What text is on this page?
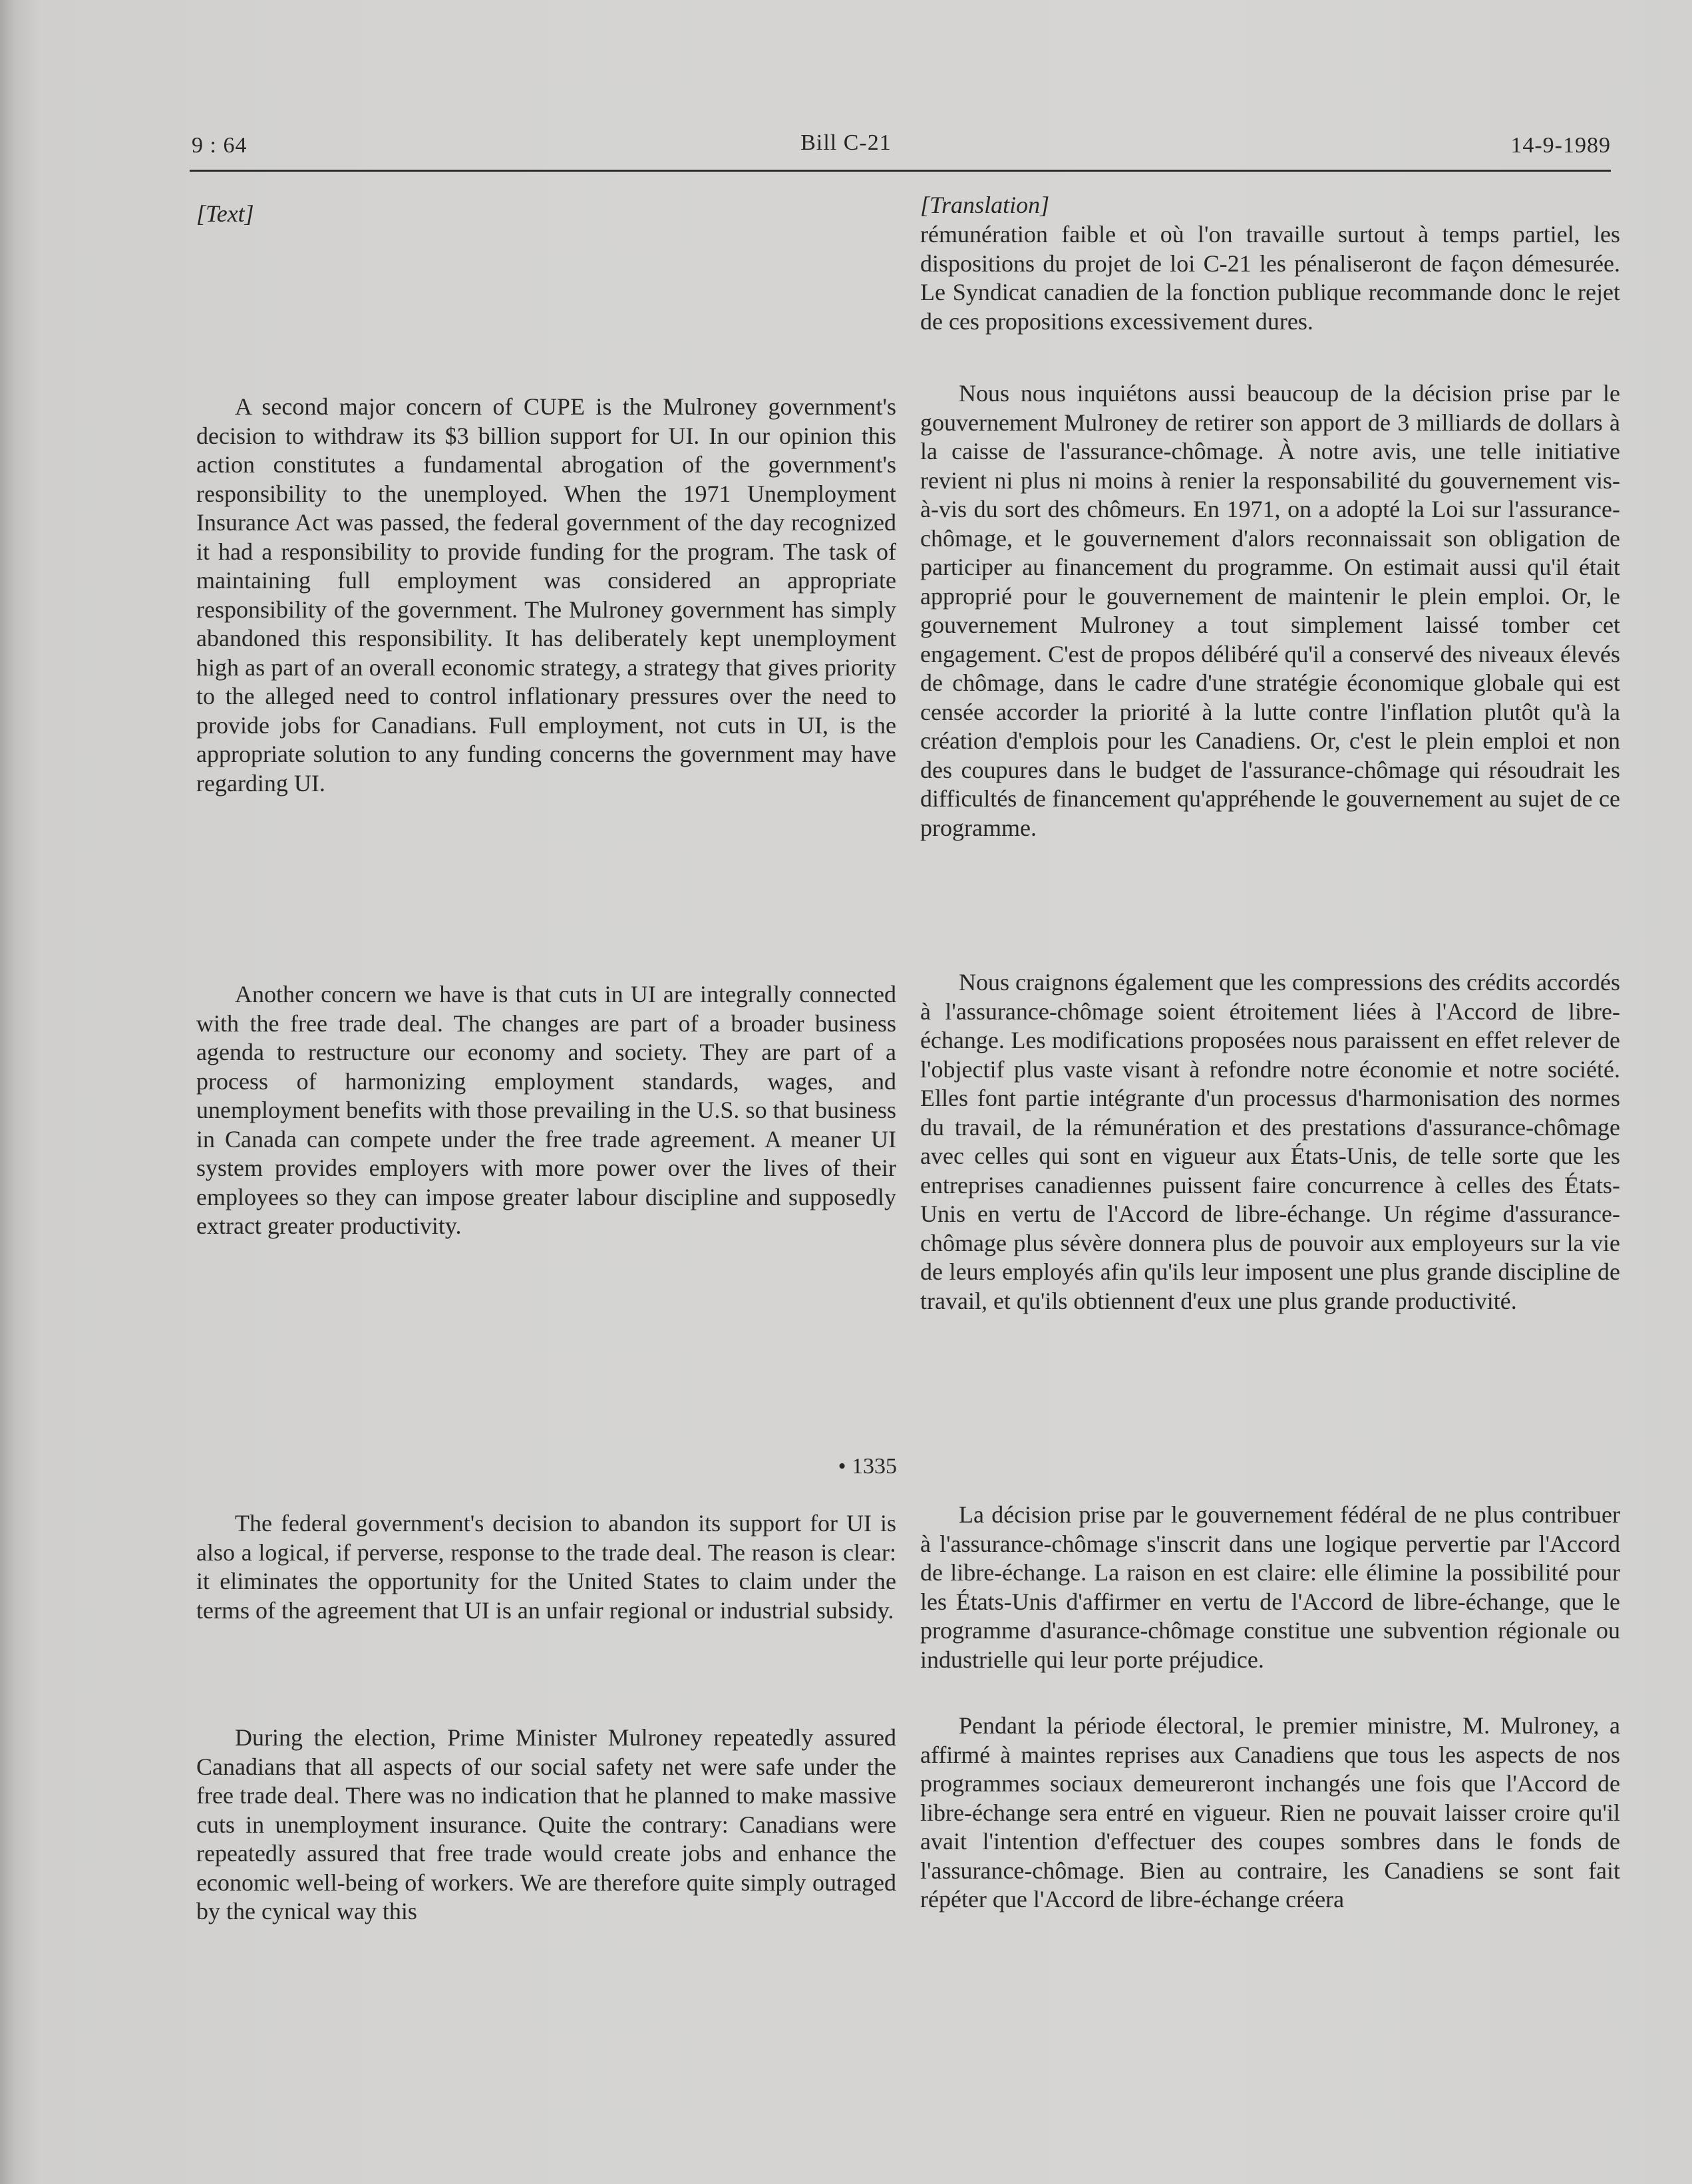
9 : 64	Bill C-21	14-9-1989
[Text]

A second major concern of CUPE is the Mulroney government's decision to withdraw its $3 billion support for UI. In our opinion this action constitutes a fundamental abrogation of the government's responsibility to the unemployed. When the 1971 Unemployment Insurance Act was passed, the federal government of the day recognized it had a responsibility to provide funding for the program. The task of maintaining full employment was considered an appropriate responsibility of the government. The Mulroney government has simply abandoned this responsibility. It has deliberately kept unemployment high as part of an overall economic strategy, a strategy that gives priority to the alleged need to control inflationary pressures over the need to provide jobs for Canadians. Full employment, not cuts in UI, is the appropriate solution to any funding concerns the government may have regarding UI.

Another concern we have is that cuts in UI are integrally connected with the free trade deal. The changes are part of a broader business agenda to restructure our economy and society. They are part of a process of harmonizing employment standards, wages, and unemployment benefits with those prevailing in the U.S. so that business in Canada can compete under the free trade agreement. A meaner UI system provides employers with more power over the lives of their employees so they can impose greater labour discipline and supposedly extract greater productivity.

• 1335

The federal government's decision to abandon its support for UI is also a logical, if perverse, response to the trade deal. The reason is clear: it eliminates the opportunity for the United States to claim under the terms of the agreement that UI is an unfair regional or industrial subsidy.

During the election, Prime Minister Mulroney repeatedly assured Canadians that all aspects of our social safety net were safe under the free trade deal. There was no indication that he planned to make massive cuts in unemployment insurance. Quite the contrary: Canadians were repeatedly assured that free trade would create jobs and enhance the economic well-being of workers. We are therefore quite simply outraged by the cynical way this

[Translation]

rémunération faible et où l'on travaille surtout à temps partiel, les dispositions du projet de loi C-21 les pénaliseront de façon démesurée. Le Syndicat canadien de la fonction publique recommande donc le rejet de ces propositions excessivement dures.

Nous nous inquiétons aussi beaucoup de la décision prise par le gouvernement Mulroney de retirer son apport de 3 milliards de dollars à la caisse de l'assurance-chômage. À notre avis, une telle initiative revient ni plus ni moins à renier la responsabilité du gouvernement vis-à-vis du sort des chômeurs. En 1971, on a adopté la Loi sur l'assurance-chômage, et le gouvernement d'alors reconnaissait son obligation de participer au financement du programme. On estimait aussi qu'il était approprié pour le gouvernement de maintenir le plein emploi. Or, le gouvernement Mulroney a tout simplement laissé tomber cet engagement. C'est de propos délibéré qu'il a conservé des niveaux élevés de chômage, dans le cadre d'une stratégie économique globale qui est censée accorder la priorité à la lutte contre l'inflation plutôt qu'à la création d'emplois pour les Canadiens. Or, c'est le plein emploi et non des coupures dans le budget de l'assurance-chômage qui résoudrait les difficultés de financement qu'appréhende le gouvernement au sujet de ce programme.

Nous craignons également que les compressions des crédits accordés à l'assurance-chômage soient étroitement liées à l'Accord de libre-échange. Les modifications proposées nous paraissent en effet relever de l'objectif plus vaste visant à refondre notre économie et notre société. Elles font partie intégrante d'un processus d'harmonisation des normes du travail, de la rémunération et des prestations d'assurance-chômage avec celles qui sont en vigueur aux États-Unis, de telle sorte que les entreprises canadiennes puissent faire concurrence à celles des États-Unis en vertu de l'Accord de libre-échange. Un régime d'assurance-chômage plus sévère donnera plus de pouvoir aux employeurs sur la vie de leurs employés afin qu'ils leur imposent une plus grande discipline de travail, et qu'ils obtiennent d'eux une plus grande productivité.

La décision prise par le gouvernement fédéral de ne plus contribuer à l'assurance-chômage s'inscrit dans une logique pervertie par l'Accord de libre-échange. La raison en est claire: elle élimine la possibilité pour les États-Unis d'affirmer en vertu de l'Accord de libre-échange, que le programme d'asurance-chômage constitue une subvention régionale ou industrielle qui leur porte préjudice.

Pendant la période électoral, le premier ministre, M. Mulroney, a affirmé à maintes reprises aux Canadiens que tous les aspects de nos programmes sociaux demeureront inchangés une fois que l'Accord de libre-échange sera entré en vigueur. Rien ne pouvait laisser croire qu'il avait l'intention d'effectuer des coupes sombres dans le fonds de l'assurance-chômage. Bien au contraire, les Canadiens se sont fait répéter que l'Accord de libre-échange créera
